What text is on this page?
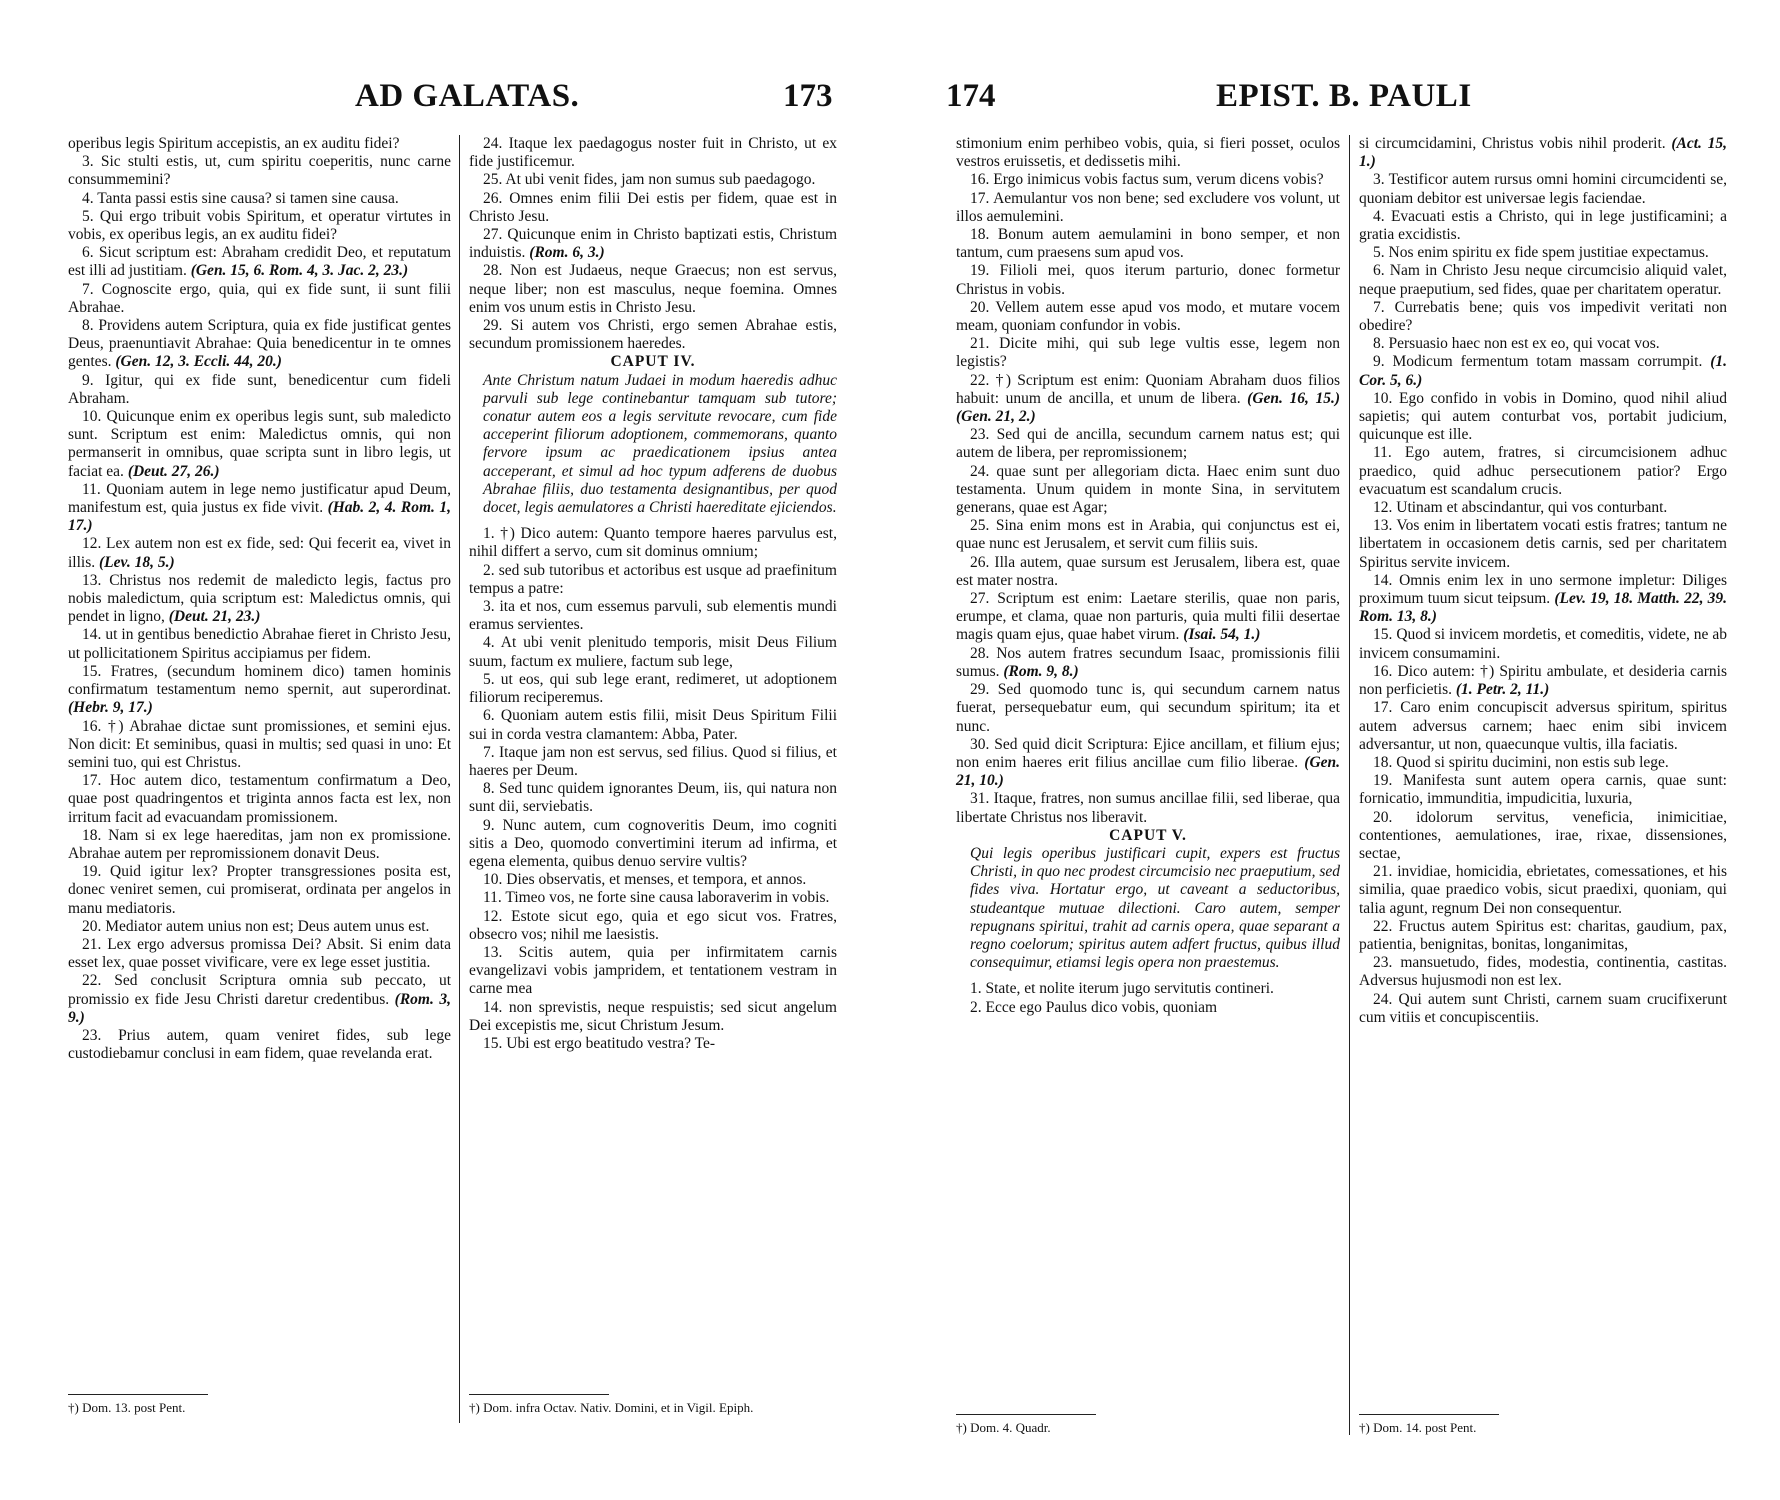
AD GALATAS.	173

operibus legis Spiritum accepistis, an ex auditu fidei?

3. Sic stulti estis, ut, cum spiritu coeperitis, nunc carne consummemini?

4. Tanta passi estis sine causa? si tamen sine causa.

5. Qui ergo tribuit vobis Spiritum, et operatur virtutes in vobis, ex operibus legis, an ex auditu fidei?

6. Sicut scriptum est: Abraham credidit Deo, et reputatum est illi ad justitiam. (Gen. 15, 6. Rom. 4, 3. Jac. 2, 23.)

7. Cognoscite ergo, quia, qui ex fide sunt, ii sunt filii Abrahae.

8. Providens autem Scriptura, quia ex fide justificat gentes Deus, praenuntiavit Abrahae: Quia benedicentur in te omnes gentes. (Gen. 12, 3. Eccli. 44, 20.)

9. Igitur, qui ex fide sunt, benedicentur cum fideli Abraham.

10. Quicunque enim ex operibus legis sunt, sub maledicto sunt. Scriptum est enim: Maledictus omnis, qui non permanserit in omnibus, quae scripta sunt in libro legis, ut faciat ea. (Deut. 27, 26.)

11. Quoniam autem in lege nemo justificatur apud Deum, manifestum est, quia justus ex fide vivit. (Hab. 2, 4. Rom. 1, 17.)

12. Lex autem non est ex fide, sed: Qui fecerit ea, vivet in illis. (Lev. 18, 5.)

13. Christus nos redemit de maledicto legis, factus pro nobis maledictum, quia scriptum est: Maledictus omnis, qui pendet in ligno, (Deut. 21, 23.)

14. ut in gentibus benedictio Abrahae fieret in Christo Jesu, ut pollicitationem Spiritus accipiamus per fidem.

15. Fratres, (secundum hominem dico) tamen hominis confirmatum testamentum nemo spernit, aut superordinat. (Hebr. 9, 17.)

16. †) Abrahae dictae sunt promissiones, et semini ejus. Non dicit: Et seminibus, quasi in multis; sed quasi in uno: Et semini tuo, qui est Christus.

17. Hoc autem dico, testamentum confirmatum a Deo, quae post quadringentos et triginta annos facta est lex, non irritum facit ad evacuandam promissionem.

18. Nam si ex lege haereditas, jam non ex promissione. Abrahae autem per repromissionem donavit Deus.

19. Quid igitur lex? Propter transgressiones posita est, donec veniret semen, cui promiserat, ordinata per angelos in manu mediatoris.

20. Mediator autem unius non est; Deus autem unus est.

21. Lex ergo adversus promissa Dei? Absit. Si enim data esset lex, quae posset vivificare, vere ex lege esset justitia.

22. Sed conclusit Scriptura omnia sub peccato, ut promissio ex fide Jesu Christi daretur credentibus. (Rom. 3, 9.)

23. Prius autem, quam veniret fides, sub lege custodiebamur conclusi in eam fidem, quae revelanda erat.

24. Itaque lex paedagogus noster fuit in Christo, ut ex fide justificemur.

25. At ubi venit fides, jam non sumus sub paedagogo.

26. Omnes enim filii Dei estis per fidem, quae est in Christo Jesu.

27. Quicunque enim in Christo baptizati estis, Christum induistis. (Rom. 6, 3.)

28. Non est Judaeus, neque Graecus; non est servus, neque liber; non est masculus, neque foemina. Omnes enim vos unum estis in Christo Jesu.

29. Si autem vos Christi, ergo semen Abrahae estis, secundum promissionem haeredes.

CAPUT IV.

Ante Christum natum Judaei in modum haeredis adhuc parvuli sub lege continebantur tamquam sub tutore; conatur autem eos a legis servitute revocare, cum fide acceperint filiorum adoptionem, commemorans, quanto fervore ipsum ac praedicationem ipsius antea acceperant, et simul ad hoc typum adferens de duobus Abrahae filiis, duo testamenta designantibus, per quod docet, legis aemulatores a Christi haereditate ejiciendos.

1. †) Dico autem: Quanto tempore haeres parvulus est, nihil differt a servo, cum sit dominus omnium;

2. sed sub tutoribus et actoribus est usque ad praefinitum tempus a patre:

3. ita et nos, cum essemus parvuli, sub elementis mundi eramus servientes.

4. At ubi venit plenitudo temporis, misit Deus Filium suum, factum ex muliere, factum sub lege,

5. ut eos, qui sub lege erant, redimeret, ut adoptionem filiorum reciperemus.

6. Quoniam autem estis filii, misit Deus Spiritum Filii sui in corda vestra clamantem: Abba, Pater.

7. Itaque jam non est servus, sed filius. Quod si filius, et haeres per Deum.

8. Sed tunc quidem ignorantes Deum, iis, qui natura non sunt dii, serviebatis.

9. Nunc autem, cum cognoveritis Deum, imo cogniti sitis a Deo, quomodo convertimini iterum ad infirma, et egena elementa, quibus denuo servire vultis?

10. Dies observatis, et menses, et tempora, et annos.

11. Timeo vos, ne forte sine causa laboraverim in vobis.

12. Estote sicut ego, quia et ego sicut vos. Fratres, obsecro vos; nihil me laesistis.

13. Scitis autem, quia per infirmitatem carnis evangelizavi vobis jampridem, et tentationem vestram in carne mea

14. non sprevistis, neque respuistis; sed sicut angelum Dei excepistis me, sicut Christum Jesum.

15. Ubi est ergo beatitudo vestra? Te-

†) Dom. 13. post Pent.	†) Dom. infra Octav. Nativ. Domini, et in Vigil. Epiph.
174	EPIST. B. PAULI

stimonium enim perhibeo vobis, quia, si fieri posset, oculos vestros eruissetis, et dedissetis mihi.

16. Ergo inimicus vobis factus sum, verum dicens vobis?

17. Aemulantur vos non bene; sed excludere vos volunt, ut illos aemulemini.

18. Bonum autem aemulamini in bono semper, et non tantum, cum praesens sum apud vos.

19. Filioli mei, quos iterum parturio, donec formetur Christus in vobis.

20. Vellem autem esse apud vos modo, et mutare vocem meam, quoniam confundor in vobis.

21. Dicite mihi, qui sub lege vultis esse, legem non legistis?

22. †) Scriptum est enim: Quoniam Abraham duos filios habuit: unum de ancilla, et unum de libera. (Gen. 16, 15.) (Gen. 21, 2.)

23. Sed qui de ancilla, secundum carnem natus est; qui autem de libera, per repromissionem;

24. quae sunt per allegoriam dicta. Haec enim sunt duo testamenta. Unum quidem in monte Sina, in servitutem generans, quae est Agar;

25. Sina enim mons est in Arabia, qui conjunctus est ei, quae nunc est Jerusalem, et servit cum filiis suis.

26. Illa autem, quae sursum est Jerusalem, libera est, quae est mater nostra.

27. Scriptum est enim: Laetare sterilis, quae non paris, erumpe, et clama, quae non parturis, quia multi filii desertae magis quam ejus, quae habet virum. (Isai. 54, 1.)

28. Nos autem fratres secundum Isaac, promissionis filii sumus. (Rom. 9, 8.)

29. Sed quomodo tunc is, qui secundum carnem natus fuerat, persequebatur eum, qui secundum spiritum; ita et nunc.

30. Sed quid dicit Scriptura: Ejice ancillam, et filium ejus; non enim haeres erit filius ancillae cum filio liberae. (Gen. 21, 10.)

31. Itaque, fratres, non sumus ancillae filii, sed liberae, qua libertate Christus nos liberavit.

CAPUT V.

Qui legis operibus justificari cupit, expers est fructus Christi, in quo nec prodest circumcisio nec praeputium, sed fides viva. Hortatur ergo, ut caveant a seductoribus, studeantque mutuae dilectioni. Caro autem, semper repugnans spiritui, trahit ad carnis opera, quae separant a regno coelorum; spiritus autem adfert fructus, quibus illud consequimur, etiamsi legis opera non praestemus.

1. State, et nolite iterum jugo servitutis contineri.

2. Ecce ego Paulus dico vobis, quoniam

si circumcidamini, Christus vobis nihil proderit. (Act. 15, 1.)

3. Testificor autem rursus omni homini circumcidenti se, quoniam debitor est universae legis faciendae.

4. Evacuati estis a Christo, qui in lege justificamini; a gratia excidistis.

5. Nos enim spiritu ex fide spem justitiae expectamus.

6. Nam in Christo Jesu neque circumcisio aliquid valet, neque praeputium, sed fides, quae per charitatem operatur.

7. Currebatis bene; quis vos impedivit veritati non obedire?

8. Persuasio haec non est ex eo, qui vocat vos.

9. Modicum fermentum totam massam corrumpit. (1. Cor. 5, 6.)

10. Ego confido in vobis in Domino, quod nihil aliud sapietis; qui autem conturbat vos, portabit judicium, quicunque est ille.

11. Ego autem, fratres, si circumcisionem adhuc praedico, quid adhuc persecutionem patior? Ergo evacuatum est scandalum crucis.

12. Utinam et abscindantur, qui vos conturbant.

13. Vos enim in libertatem vocati estis fratres; tantum ne libertatem in occasionem detis carnis, sed per charitatem Spiritus servite invicem.

14. Omnis enim lex in uno sermone impletur: Diliges proximum tuum sicut teipsum. (Lev. 19, 18. Matth. 22, 39. Rom. 13, 8.)

15. Quod si invicem mordetis, et comeditis, videte, ne ab invicem consumamini.

16. Dico autem: †) Spiritu ambulate, et desideria carnis non perficietis. (1. Petr. 2, 11.)

17. Caro enim concupiscit adversus spiritum, spiritus autem adversus carnem; haec enim sibi invicem adversantur, ut non, quaecunque vultis, illa faciatis.

18. Quod si spiritu ducimini, non estis sub lege.

19. Manifesta sunt autem opera carnis, quae sunt: fornicatio, immunditia, impudicitia, luxuria,

20. idolorum servitus, veneficia, inimicitiae, contentiones, aemulationes, irae, rixae, dissensiones, sectae,

21. invidiae, homicidia, ebrietates, comessationes, et his similia, quae praedico vobis, sicut praedixi, quoniam, qui talia agunt, regnum Dei non consequentur.

22. Fructus autem Spiritus est: charitas, gaudium, pax, patientia, benignitas, bonitas, longanimitas,

23. mansuetudo, fides, modestia, continentia, castitas. Adversus hujusmodi non est lex.

24. Qui autem sunt Christi, carnem suam crucifixerunt cum vitiis et concupiscentiis.

†) Dom. 4. Quadr.	†) Dom. 14. post Pent.
